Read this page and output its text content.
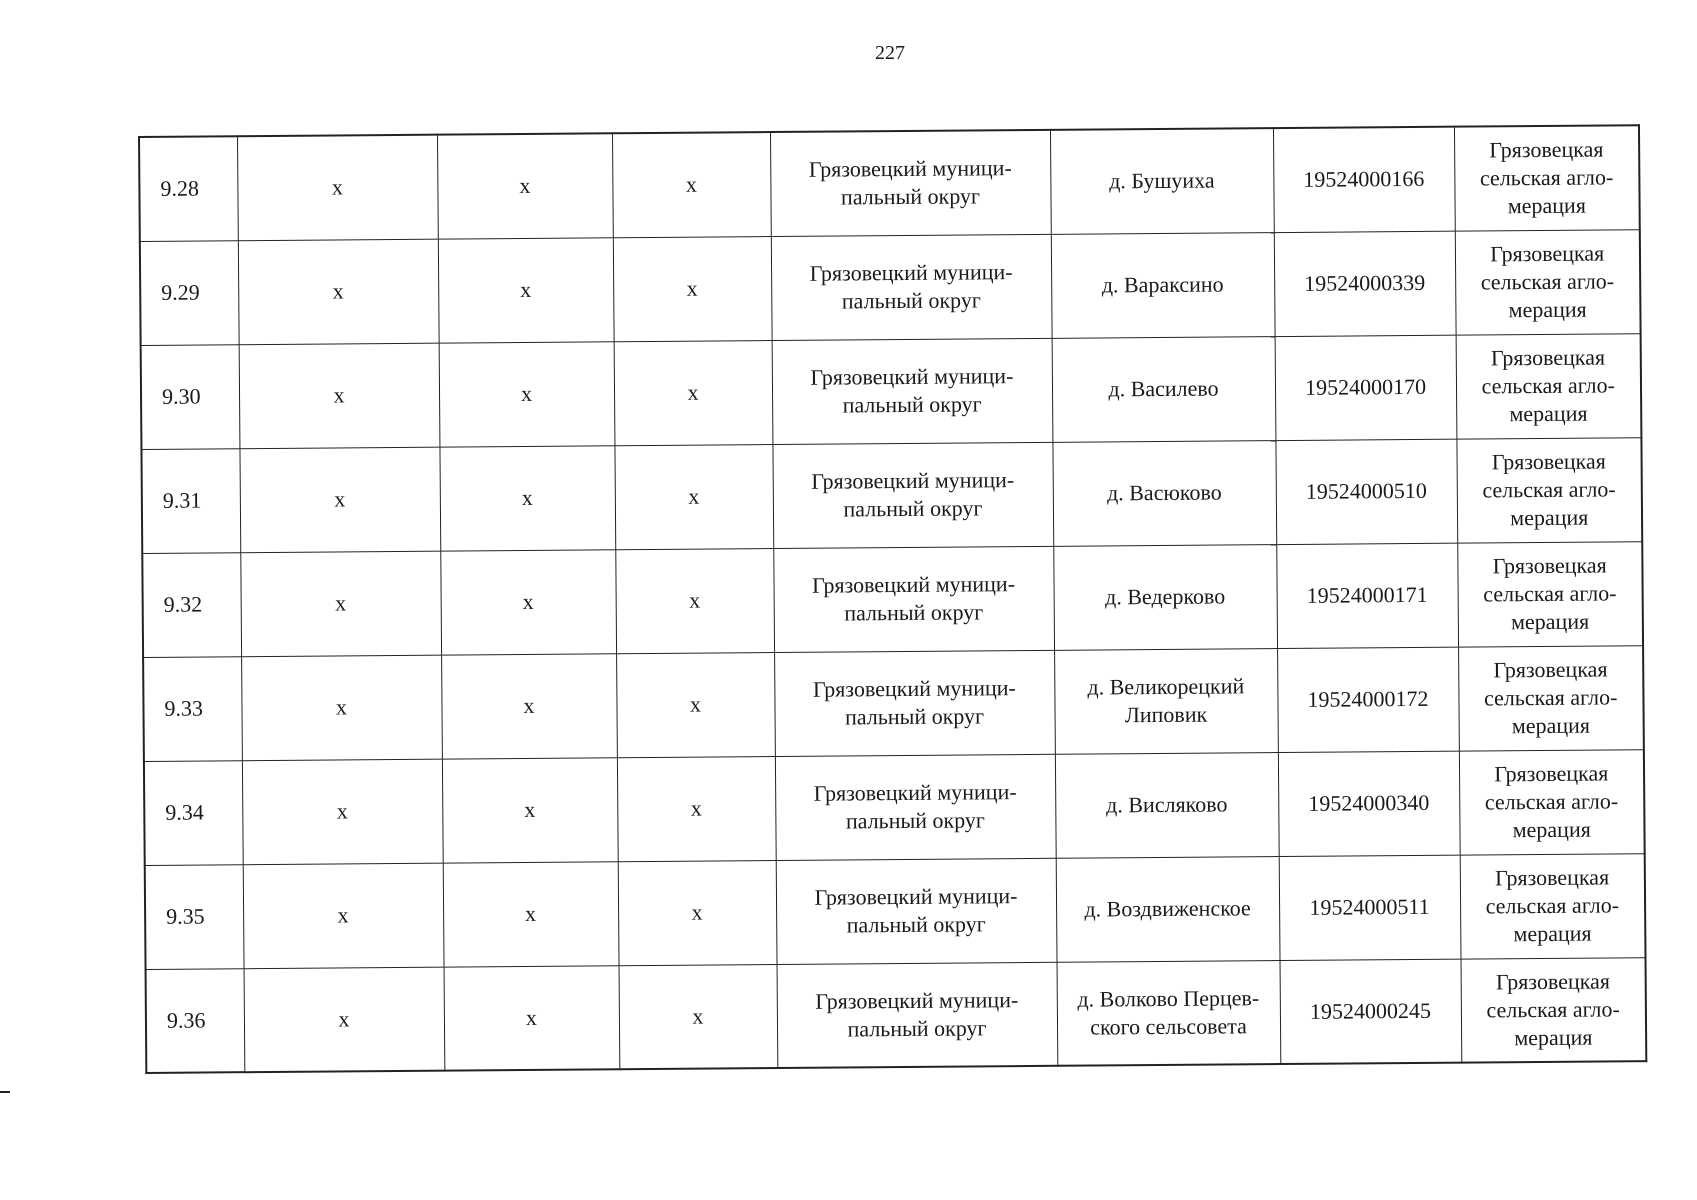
227
9.28	x	x	x	Грязовецкий муници-пальный округ	д. Бушуиха	19524000166	Грязовецкая сельская агло-мерация
9.29	x	x	x	Грязовецкий муници-пальный округ	д. Вараксино	19524000339	Грязовецкая сельская агло-мерация
9.30	x	x	x	Грязовецкий муници-пальный округ	д. Василево	19524000170	Грязовецкая сельская агло-мерация
9.31	x	x	x	Грязовецкий муници-пальный округ	д. Васюково	19524000510	Грязовецкая сельская агло-мерация
9.32	x	x	x	Грязовецкий муници-пальный округ	д. Ведерково	19524000171	Грязовецкая сельская агло-мерация
9.33	x	x	x	Грязовецкий муници-пальный округ	д. Великорецкий Липовик	19524000172	Грязовецкая сельская агло-мерация
9.34	x	x	x	Грязовецкий муници-пальный округ	д. Висляково	19524000340	Грязовецкая сельская агло-мерация
9.35	x	x	x	Грязовецкий муници-пальный округ	д. Воздвиженское	19524000511	Грязовецкая сельская агло-мерация
9.36	x	x	x	Грязовецкий муници-пальный округ	д. Волково Перцев-ского сельсовета	19524000245	Грязовецкая сельская агло-мерация
